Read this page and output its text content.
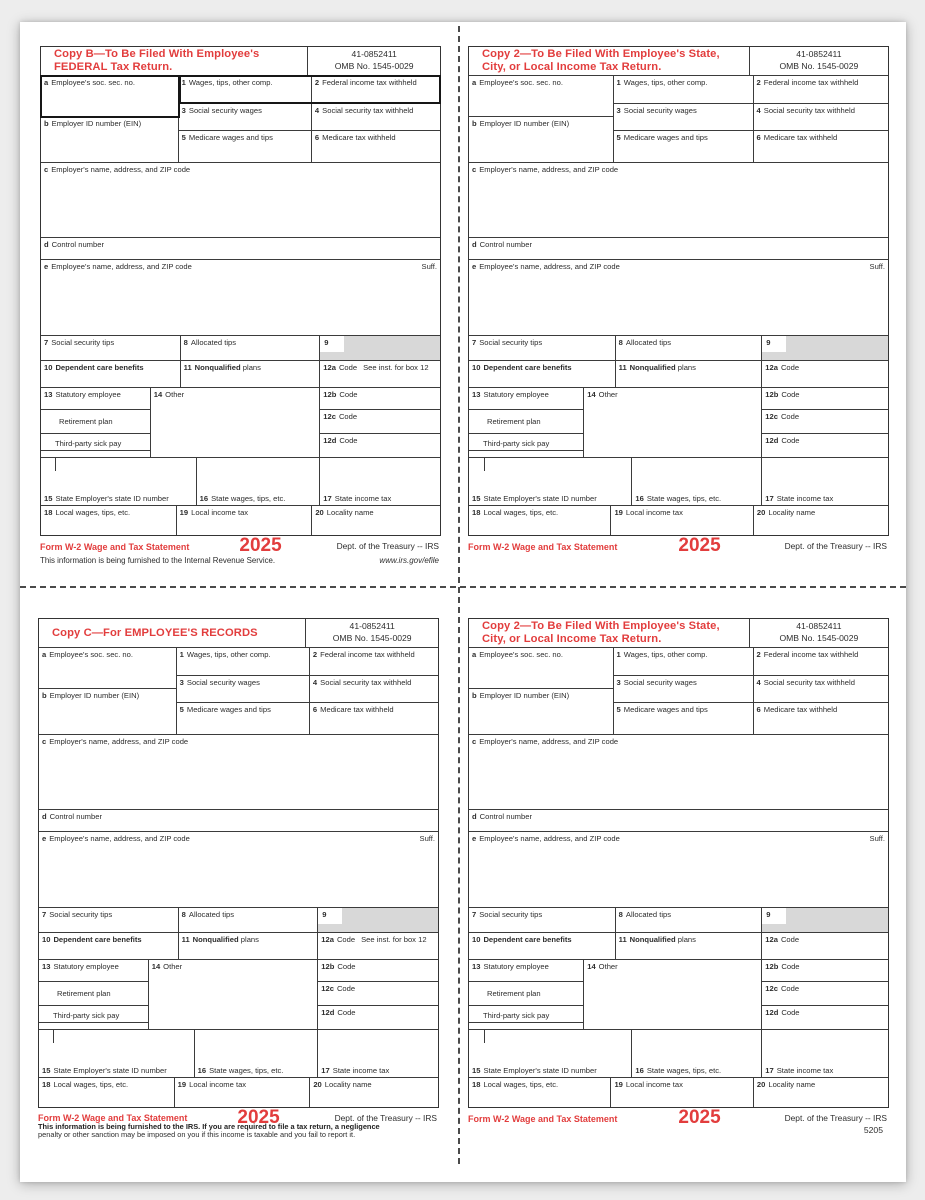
Copy B—To Be Filed With Employee's
FEDERAL Tax Return.
41-0852411
OMB No. 1545-0029
a Employee's soc. sec. no.
b Employer ID number (EIN)
1 Wages, tips, other comp.	2 Federal income tax withheld
3 Social security wages	4 Social security tax withheld
5 Medicare wages and tips	6 Medicare tax withheld
c Employer's name, address, and ZIP code
d Control number
e Employee's name, address, and ZIP code	Suff.
7 Social security tips	8 Allocated tips	9
10 Dependent care benefits	11 Nonqualified plans	12a Code See inst. for box 12
13 Statutory employee
Retirement plan
Third-party sick pay
14 Other	12b Code
12c Code
12d Code
15 State Employer's state ID number	16 State wages, tips, etc.	17 State income tax
18 Local wages, tips, etc.	19 Local income tax	20 Locality name
Form W-2 Wage and Tax Statement	2025	Dept. of the Treasury -- IRS
This information is being furnished to the Internal Revenue Service.	www.irs.gov/efile
Copy 2—To Be Filed With Employee's State,
City, or Local Income Tax Return.
41-0852411
OMB No. 1545-0029
a Employee's soc. sec. no.
b Employer ID number (EIN)
1 Wages, tips, other comp.	2 Federal income tax withheld
3 Social security wages	4 Social security tax withheld
5 Medicare wages and tips	6 Medicare tax withheld
c Employer's name, address, and ZIP code
d Control number
e Employee's name, address, and ZIP code	Suff.
7 Social security tips	8 Allocated tips	9
10 Dependent care benefits	11 Nonqualified plans	12a Code
13 Statutory employee
Retirement plan
Third-party sick pay
14 Other	12b Code
12c Code
12d Code
15 State Employer's state ID number	16 State wages, tips, etc.	17 State income tax
18 Local wages, tips, etc.	19 Local income tax	20 Locality name
Form W-2 Wage and Tax Statement	2025	Dept. of the Treasury -- IRS
Copy C—For EMPLOYEE'S RECORDS
41-0852411
OMB No. 1545-0029
a Employee's soc. sec. no.
b Employer ID number (EIN)
1 Wages, tips, other comp.	2 Federal income tax withheld
3 Social security wages	4 Social security tax withheld
5 Medicare wages and tips	6 Medicare tax withheld
c Employer's name, address, and ZIP code
d Control number
e Employee's name, address, and ZIP code	Suff.
7 Social security tips	8 Allocated tips	9
10 Dependent care benefits	11 Nonqualified plans	12a Code See inst. for box 12
13 Statutory employee
Retirement plan
Third-party sick pay
14 Other	12b Code
12c Code
12d Code
15 State Employer's state ID number	16 State wages, tips, etc.	17 State income tax
18 Local wages, tips, etc.	19 Local income tax	20 Locality name
Form W-2 Wage and Tax Statement	2025	Dept. of the Treasury -- IRS
This information is being furnished to the IRS. If you are required to file a tax return, a negligence
penalty or other sanction may be imposed on you if this income is taxable and you fail to report it.
Copy 2—To Be Filed With Employee's State,
City, or Local Income Tax Return.
41-0852411
OMB No. 1545-0029
a Employee's soc. sec. no.
b Employer ID number (EIN)
1 Wages, tips, other comp.	2 Federal income tax withheld
3 Social security wages	4 Social security tax withheld
5 Medicare wages and tips	6 Medicare tax withheld
c Employer's name, address, and ZIP code
d Control number
e Employee's name, address, and ZIP code	Suff.
7 Social security tips	8 Allocated tips	9
10 Dependent care benefits	11 Nonqualified plans	12a Code
13 Statutory employee
Retirement plan
Third-party sick pay
14 Other	12b Code
12c Code
12d Code
15 State Employer's state ID number	16 State wages, tips, etc.	17 State income tax
18 Local wages, tips, etc.	19 Local income tax	20 Locality name
Form W-2 Wage and Tax Statement	2025	Dept. of the Treasury -- IRS
5205
